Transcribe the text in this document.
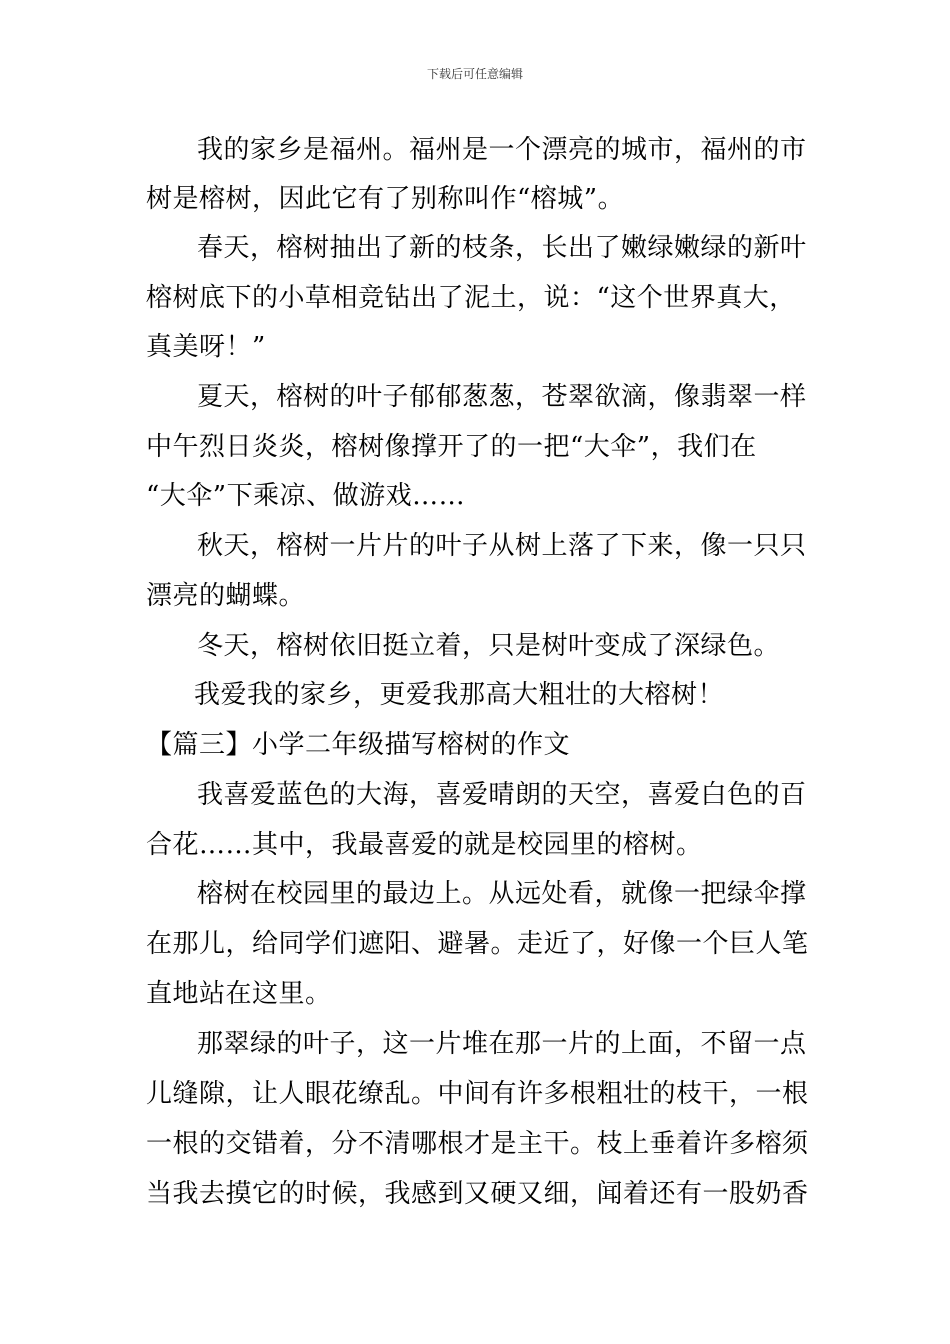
下载后可任意编辑
我的家乡是福州。福州是一个漂亮的城市，福州的市
树是榕树，因此它有了别称叫作“榕城”。
春天，榕树抽出了新的枝条，长出了嫩绿嫩绿的新叶
榕树底下的小草相竞钻出了泥土，说：“这个世界真大，
真美呀！”
夏天，榕树的叶子郁郁葱葱，苍翠欲滴，像翡翠一样
中午烈日炎炎，榕树像撑开了的一把“大伞”，我们在
“大伞”下乘凉、做游戏……
秋天，榕树一片片的叶子从树上落了下来，像一只只
漂亮的蝴蝶。
冬天，榕树依旧挺立着，只是树叶变成了深绿色。
我爱我的家乡，更爱我那高大粗壮的大榕树！
【篇三】小学二年级描写榕树的作文
我喜爱蓝色的大海，喜爱晴朗的天空，喜爱白色的百
合花……其中，我最喜爱的就是校园里的榕树。
榕树在校园里的最边上。从远处看，就像一把绿伞撑
在那儿，给同学们遮阳、避暑。走近了，好像一个巨人笔
直地站在这里。
那翠绿的叶子，这一片堆在那一片的上面，不留一点
儿缝隙，让人眼花缭乱。中间有许多根粗壮的枝干，一根
一根的交错着，分不清哪根才是主干。枝上垂着许多榕须
当我去摸它的时候，我感到又硬又细，闻着还有一股奶香
